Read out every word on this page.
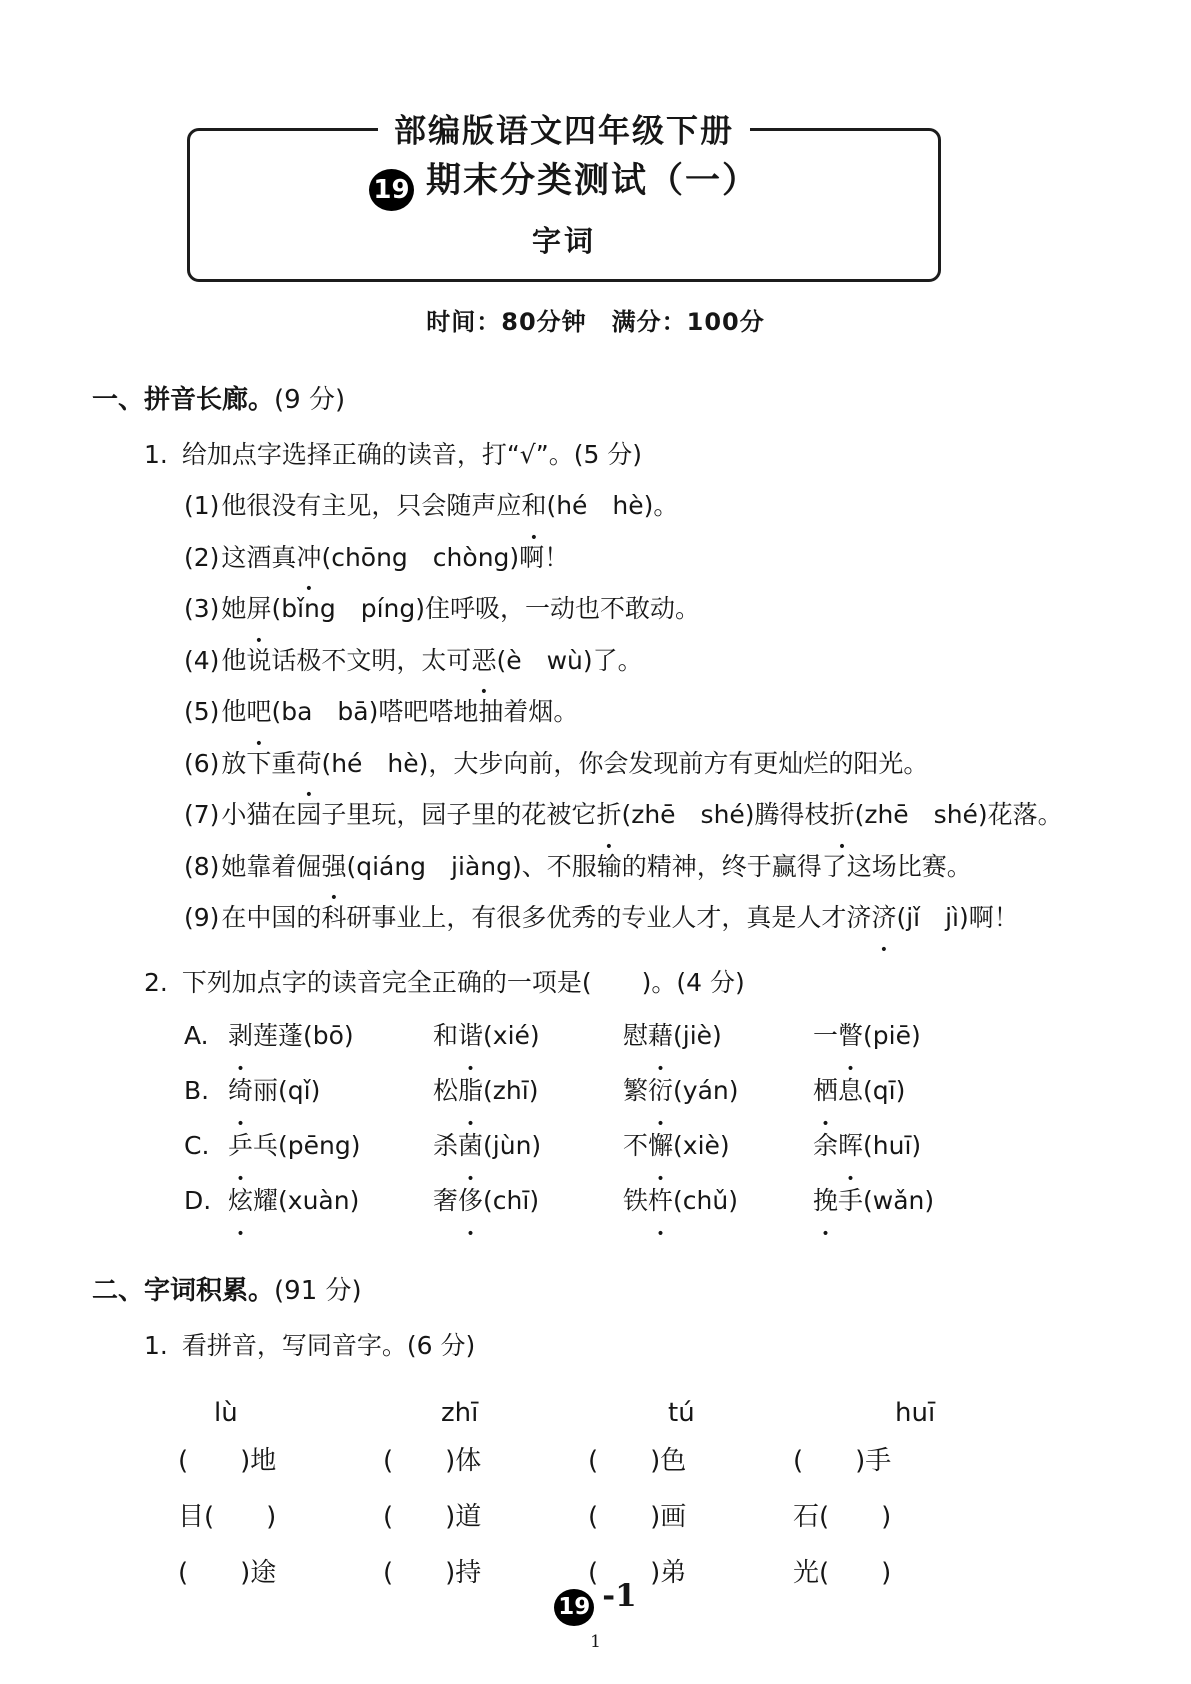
部编版语文四年级下册
19 期末分类测试（一）
字词
时间：80分钟　满分：100分
一、拼音长廊。(9 分)
1. 给加点字选择正确的读音，打“√”。(5 分)
(1)他很没有主见，只会随声应和(hé　hè)。
(2)这酒真冲(chōng　chòng)啊！
(3)她屏(bǐng　píng)住呼吸，一动也不敢动。
(4)他说话极不文明，太可恶(è　wù)了。
(5)他吧(ba　bā)嗒吧嗒地抽着烟。
(6)放下重荷(hé　hè)，大步向前，你会发现前方有更灿烂的阳光。
(7)小猫在园子里玩，园子里的花被它折(zhē　shé)腾得枝折(zhē　shé)花落。
(8)她靠着倔强(qiáng　jiàng)、不服输的精神，终于赢得了这场比赛。
(9)在中国的科研事业上，有很多优秀的专业人才，真是人才济济(jǐ　jì)啊！
2. 下列加点字的读音完全正确的一项是(　　)。(4 分)
A. 剥莲蓬(bō)	和谐(xié)	慰藉(jiè)	一瞥(piē)
B. 绮丽(qǐ)	松脂(zhī)	繁衍(yán)	栖息(qī)
C. 乒乓(pēng)	杀菌(jùn)	不懈(xiè)	余晖(huī)
D. 炫耀(xuàn)	奢侈(chī)	铁杵(chǔ)	挽手(wǎn)
二、字词积累。(91 分)
1. 看拼音，写同音字。(6 分)
lù	zhī	tú	huī
(　　)地	(　　)体	(　　)色	(　　)手
目(　　)	(　　)道	(　　)画	石(　　)
(　　)途	(　　)持	(　　)弟	光(　　)
19 -1
1
